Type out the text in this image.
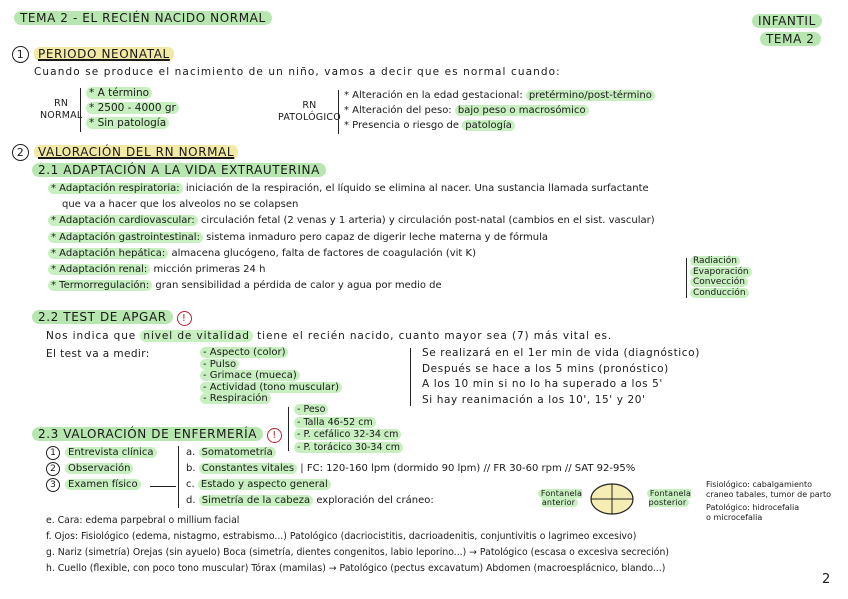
TEMA 2 - EL RECIÉN NACIDO NORMAL	INFANTIL
TEMA 2
1 PERIODO NEONATAL
Cuando se produce el nacimiento de un niño, vamos a decir que es normal cuando:
RN
NORMAL
* A término
* 2500 - 4000 gr
* Sin patología
RN
PATOLÓGICO
* Alteración en la edad gestacional: pretérmino/post-término
* Alteración del peso: bajo peso o macrosómico
* Presencia o riesgo de patología
2 VALORACIÓN DEL RN NORMAL
2.1 ADAPTACIÓN A LA VIDA EXTRAUTERINA
* Adaptación respiratoria: iniciación de la respiración, el líquido se elimina al nacer. Una sustancia llamada surfactante
que va a hacer que los alveolos no se colapsen
* Adaptación cardiovascular: circulación fetal (2 venas y 1 arteria) y circulación post-natal (cambios en el sist. vascular)
* Adaptación gastrointestinal: sistema inmaduro pero capaz de digerir leche materna y de fórmula
* Adaptación hepática: almacena glucógeno, falta de factores de coagulación (vit K)
* Adaptación renal: micción primeras 24 h
* Termorregulación: gran sensibilidad a pérdida de calor y agua por medio de
Radiación
Evaporación
Convección
Conducción
2.2 TEST DE APGAR !
Nos indica que nivel de vitalidad tiene el recién nacido, cuanto mayor sea (7) más vital es.
El test va a medir:	- Aspecto (color)
- Pulso
- Grimace (mueca)
- Actividad (tono muscular)
- Respiración
Se realizará en el 1er min de vida (diagnóstico)
Después se hace a los 5 mins (pronóstico)
A los 10 min si no lo ha superado a los 5'
Si hay reanimación a los 10', 15' y 20'
- Peso
- Talla 46-52 cm
- P. cefálico 32-34 cm
- P. torácico 30-34 cm
2.3 VALORACIÓN DE ENFERMERÍA !
1 Entrevista clínica
2 Observación
3 Examen físico
a. Somatometría
b. Constantes vitales | FC: 120-160 lpm (dormido 90 lpm) // FR 30-60 rpm // SAT 92-95%
c. Estado y aspecto general
d. Simetría de la cabeza exploración del cráneo:
Fontanela anterior
Fontanela posterior
Fisiológico: cabalgamiento
craneo tabales, tumor de parto
Patológico: hidrocefalia
o microcefalia
e. Cara: edema parpebral o millium facial
f. Ojos: Fisiológico (edema, nistagmo, estrabismo...) Patológico (dacriocistitis, dacrioadenitis, conjuntivitis o lagrimeo excesivo)
g. Nariz (simetría) Orejas (sin ayuelo) Boca (simetría, dientes congenitos, labio leporino...) → Patológico (escasa o excesiva secreción)
h. Cuello (flexible, con poco tono muscular) Tórax (mamilas) → Patológico (pectus excavatum) Abdomen (macroesplácnico, blando...)
2
